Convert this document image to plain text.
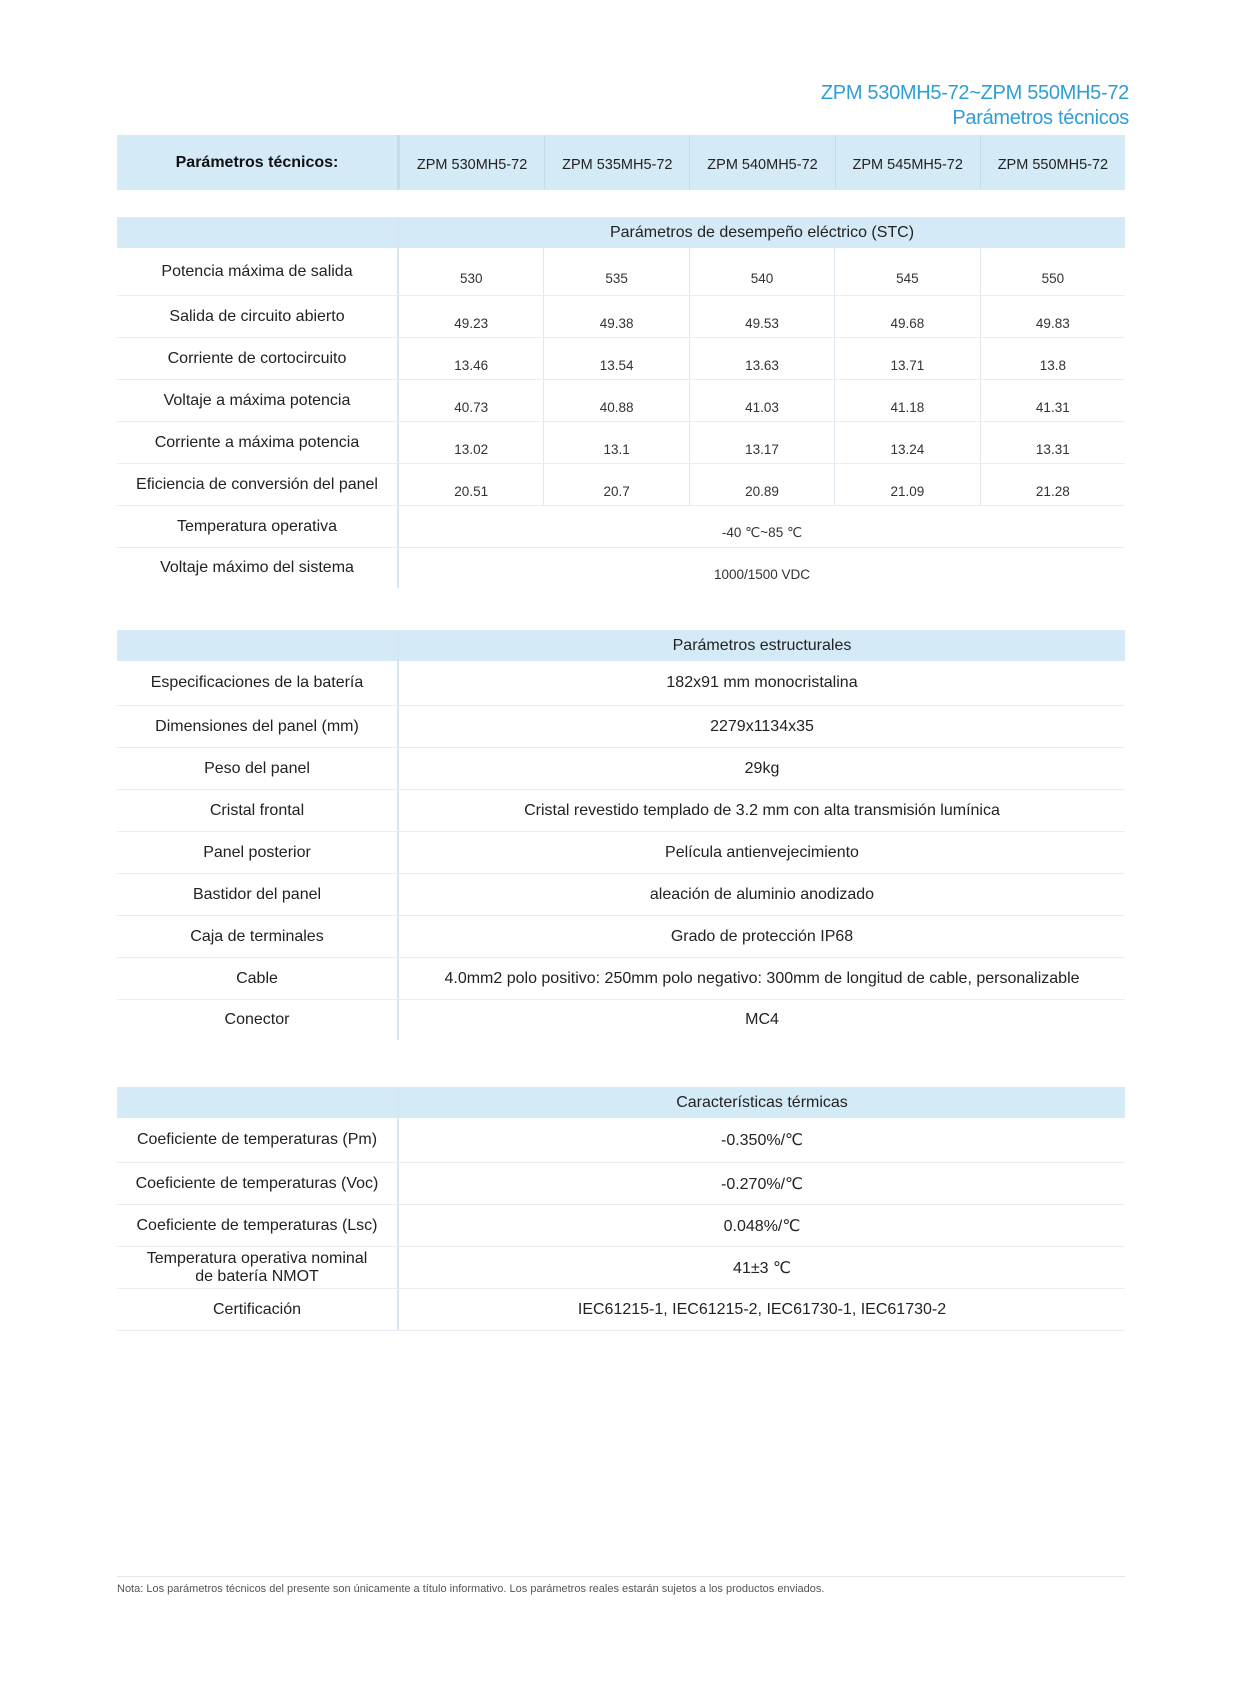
ZPM 530MH5-72~ZPM 550MH5-72
Parámetros técnicos
Parámetros técnicos:	ZPM 530MH5-72	ZPM 535MH5-72	ZPM 540MH5-72	ZPM 545MH5-72	ZPM 550MH5-72
Parámetros de desempeño eléctrico (STC)
Potencia máxima de salida	530	535	540	545	550
Salida de circuito abierto	49.23	49.38	49.53	49.68	49.83
Corriente de cortocircuito	13.46	13.54	13.63	13.71	13.8
Voltaje a máxima potencia	40.73	40.88	41.03	41.18	41.31
Corriente a máxima potencia	13.02	13.1	13.17	13.24	13.31
Eficiencia de conversión del panel	20.51	20.7	20.89	21.09	21.28
Temperatura operativa	-40 ℃~85 ℃
Voltaje máximo del sistema	1000/1500 VDC
Parámetros estructurales
Especificaciones de la batería	182x91 mm monocristalina
Dimensiones del panel (mm)	2279x1134x35
Peso del panel	29kg
Cristal frontal	Cristal revestido templado de 3.2 mm con alta transmisión lumínica
Panel posterior	Película antienvejecimiento
Bastidor del panel	aleación de aluminio anodizado
Caja de terminales	Grado de protección IP68
Cable	4.0mm2 polo positivo: 250mm polo negativo: 300mm de longitud de cable, personalizable
Conector	MC4
Características térmicas
Coeficiente de temperaturas (Pm)	-0.350%/℃
Coeficiente de temperaturas (Voc)	-0.270%/℃
Coeficiente de temperaturas (Lsc)	0.048%/℃
Temperatura operativa nominal de batería NMOT	41±3 ℃
Certificación	IEC61215-1, IEC61215-2, IEC61730-1, IEC61730-2
Nota: Los parámetros técnicos del presente son únicamente a título informativo. Los parámetros reales estarán sujetos a los productos enviados.
